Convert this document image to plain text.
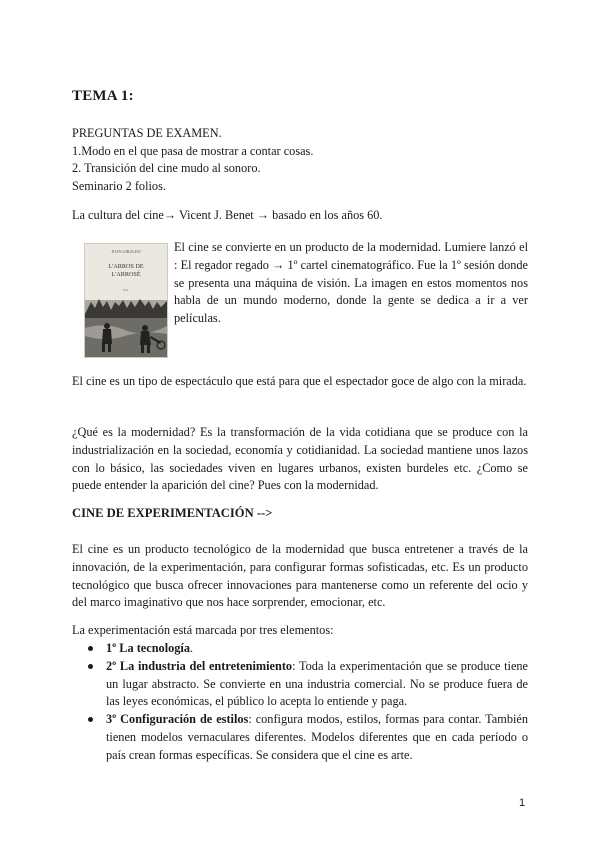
TEMA 1:
PREGUNTAS DE EXAMEN.
1.Modo en el que pasa de mostrar a contar cosas.
2. Transición del cine mudo al sonoro.
Seminario 2 folios.
La cultura del cine→ Vicent J. Benet → basado en los años 60.
JOAN GIRALDO
L'ARROS DE
L'ARROSÉ
ED.
El cine se convierte en un producto de la modernidad. Lumiere lanzó el : El regador regado → 1º cartel cinematográfico. Fue la 1º sesión donde se presenta una máquina de visión. La imagen en estos momentos nos habla de un mundo moderno, donde la gente se dedica a ir a ver películas.
El cine es un tipo de espectáculo que está para que el espectador goce de algo con la mirada.
¿Qué es la modernidad? Es la transformación de la vida cotidiana que se produce con la industrialización en la sociedad, economía y cotidianidad. La sociedad mantiene unos lazos con lo básico, las sociedades viven en lugares urbanos, existen burdeles etc. ¿Como se puede entender la aparición del cine? Pues con la modernidad.
CINE DE EXPERIMENTACIÓN -->
El cine es un producto tecnológico de la modernidad que busca entretener a través de la innovación, de la experimentación, para configurar formas sofisticadas, etc. Es un producto tecnológico que busca ofrecer innovaciones para mantenerse como un referente del ocio y del marco imaginativo que nos hace sorprender, emocionar, etc.
La experimentación está marcada por tres elementos:
1º La tecnología.
2º La industria del entretenimiento: Toda la experimentación que se produce tiene un lugar abstracto. Se convierte en una industria comercial. No se produce fuera de las leyes económicas, el público lo acepta lo entiende y paga.
3º Configuración de estilos: configura modos, estilos, formas para contar. También tienen modelos vernaculares diferentes. Modelos diferentes que en cada período o país crean formas específicas. Se considera que el cine es arte.
1
